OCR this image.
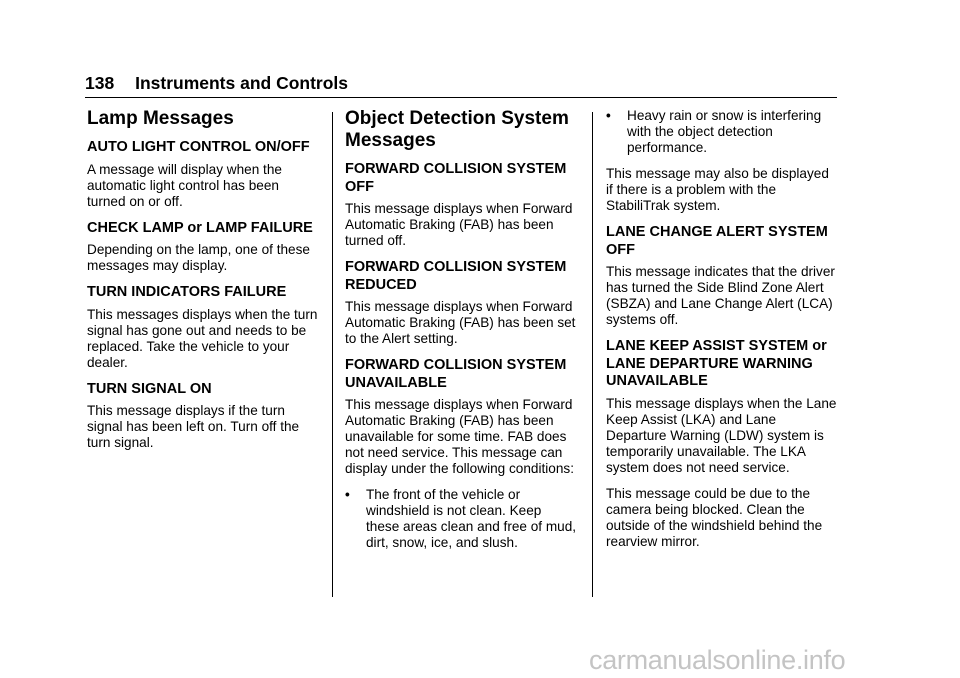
138 Instruments and Controls
Lamp Messages
AUTO LIGHT CONTROL ON/OFF

A message will display when the automatic light control has been turned on or off.

CHECK LAMP or LAMP FAILURE

Depending on the lamp, one of these messages may display.

TURN INDICATORS FAILURE

This messages displays when the turn signal has gone out and needs to be replaced. Take the vehicle to your dealer.

TURN SIGNAL ON

This message displays if the turn signal has been left on. Turn off the turn signal.

Object Detection System Messages
FORWARD COLLISION SYSTEM OFF

This message displays when Forward Automatic Braking (FAB) has been turned off.

FORWARD COLLISION SYSTEM REDUCED

This message displays when Forward Automatic Braking (FAB) has been set to the Alert setting.

FORWARD COLLISION SYSTEM UNAVAILABLE

This message displays when Forward Automatic Braking (FAB) has been unavailable for some time. FAB does not need service. This message can display under the following conditions:

•	The front of the vehicle or windshield is not clean. Keep these areas clean and free of mud, dirt, snow, ice, and slush.
•	Heavy rain or snow is interfering with the object detection performance.

This message may also be displayed if there is a problem with the StabiliTrak system.

LANE CHANGE ALERT SYSTEM OFF

This message indicates that the driver has turned the Side Blind Zone Alert (SBZA) and Lane Change Alert (LCA) systems off.

LANE KEEP ASSIST SYSTEM or LANE DEPARTURE WARNING UNAVAILABLE

This message displays when the Lane Keep Assist (LKA) and Lane Departure Warning (LDW) system is temporarily unavailable. The LKA system does not need service.

This message could be due to the camera being blocked. Clean the outside of the windshield behind the rearview mirror.

carmanualsonline.info
